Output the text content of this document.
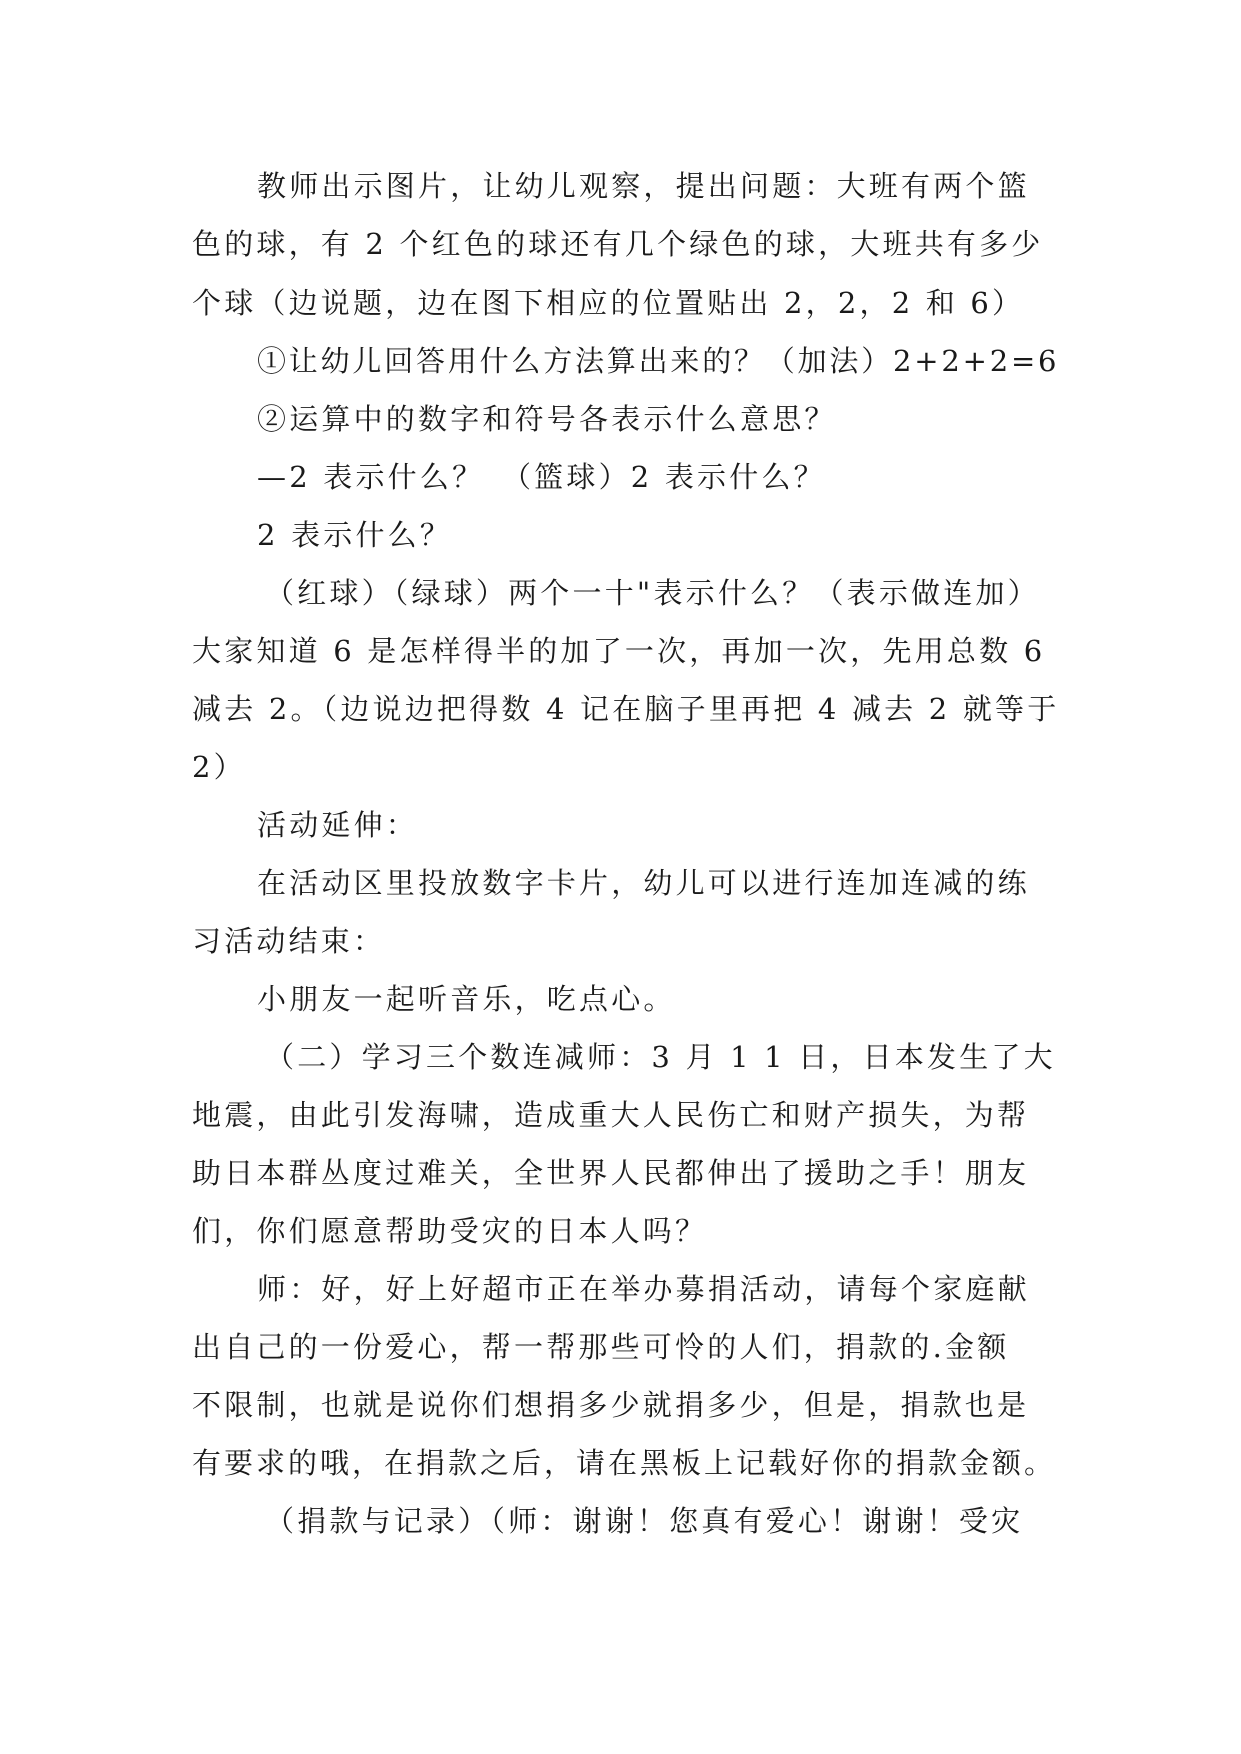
教师出示图片，让幼儿观察，提出问题：大班有两个篮
色的球，有 2 个红色的球还有几个绿色的球，大班共有多少
个球（边说题，边在图下相应的位置贴出 2，2，2 和 6）
①让幼儿回答用什么方法算出来的？（加法）2+2+2=6
②运算中的数字和符号各表示什么意思？
—2 表示什么？　（篮球）2 表示什么？
2 表示什么？
（红球）（绿球）两个一十"表示什么？（表示做连加）
大家知道 6 是怎样得半的加了一次，再加一次，先用总数 6
减去 2。（边说边把得数 4 记在脑子里再把 4 减去 2 就等于
2）
活动延伸：
在活动区里投放数字卡片，幼儿可以进行连加连减的练
习活动结束：
小朋友一起听音乐，吃点心。
（二）学习三个数连减师：3 月 1 1 日，日本发生了大
地震，由此引发海啸，造成重大人民伤亡和财产损失，为帮
助日本群丛度过难关，全世界人民都伸出了援助之手！朋友
们，你们愿意帮助受灾的日本人吗？
师：好，好上好超市正在举办募捐活动，请每个家庭献
出自己的一份爱心，帮一帮那些可怜的人们，捐款的.金额
不限制，也就是说你们想捐多少就捐多少，但是，捐款也是
有要求的哦，在捐款之后，请在黑板上记载好你的捐款金额。
（捐款与记录）（师：谢谢！您真有爱心！谢谢！受灾
